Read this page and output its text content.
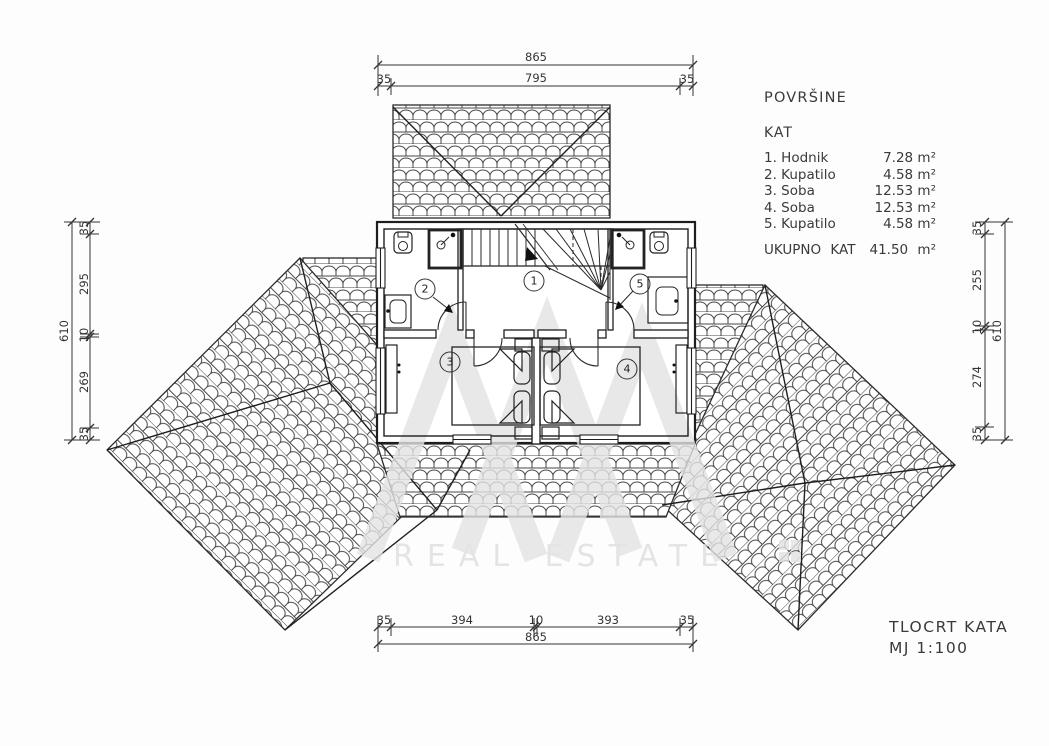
REAL ESTATE
1
2
3
4
5
865
35	795	35
35	394	10	393	35
865
610
35
295
10
269
35
610
35
255
10
274
35
POVRŠINE
KAT
1. Hodnik	7.28 m²
2. Kupatilo	4.58 m²
3. Soba	12.53 m²
4. Soba	12.53 m²
5. Kupatilo	4.58 m²
UKUPNO KAT 41.50 m²
TLOCRT KATA
MJ 1:100
